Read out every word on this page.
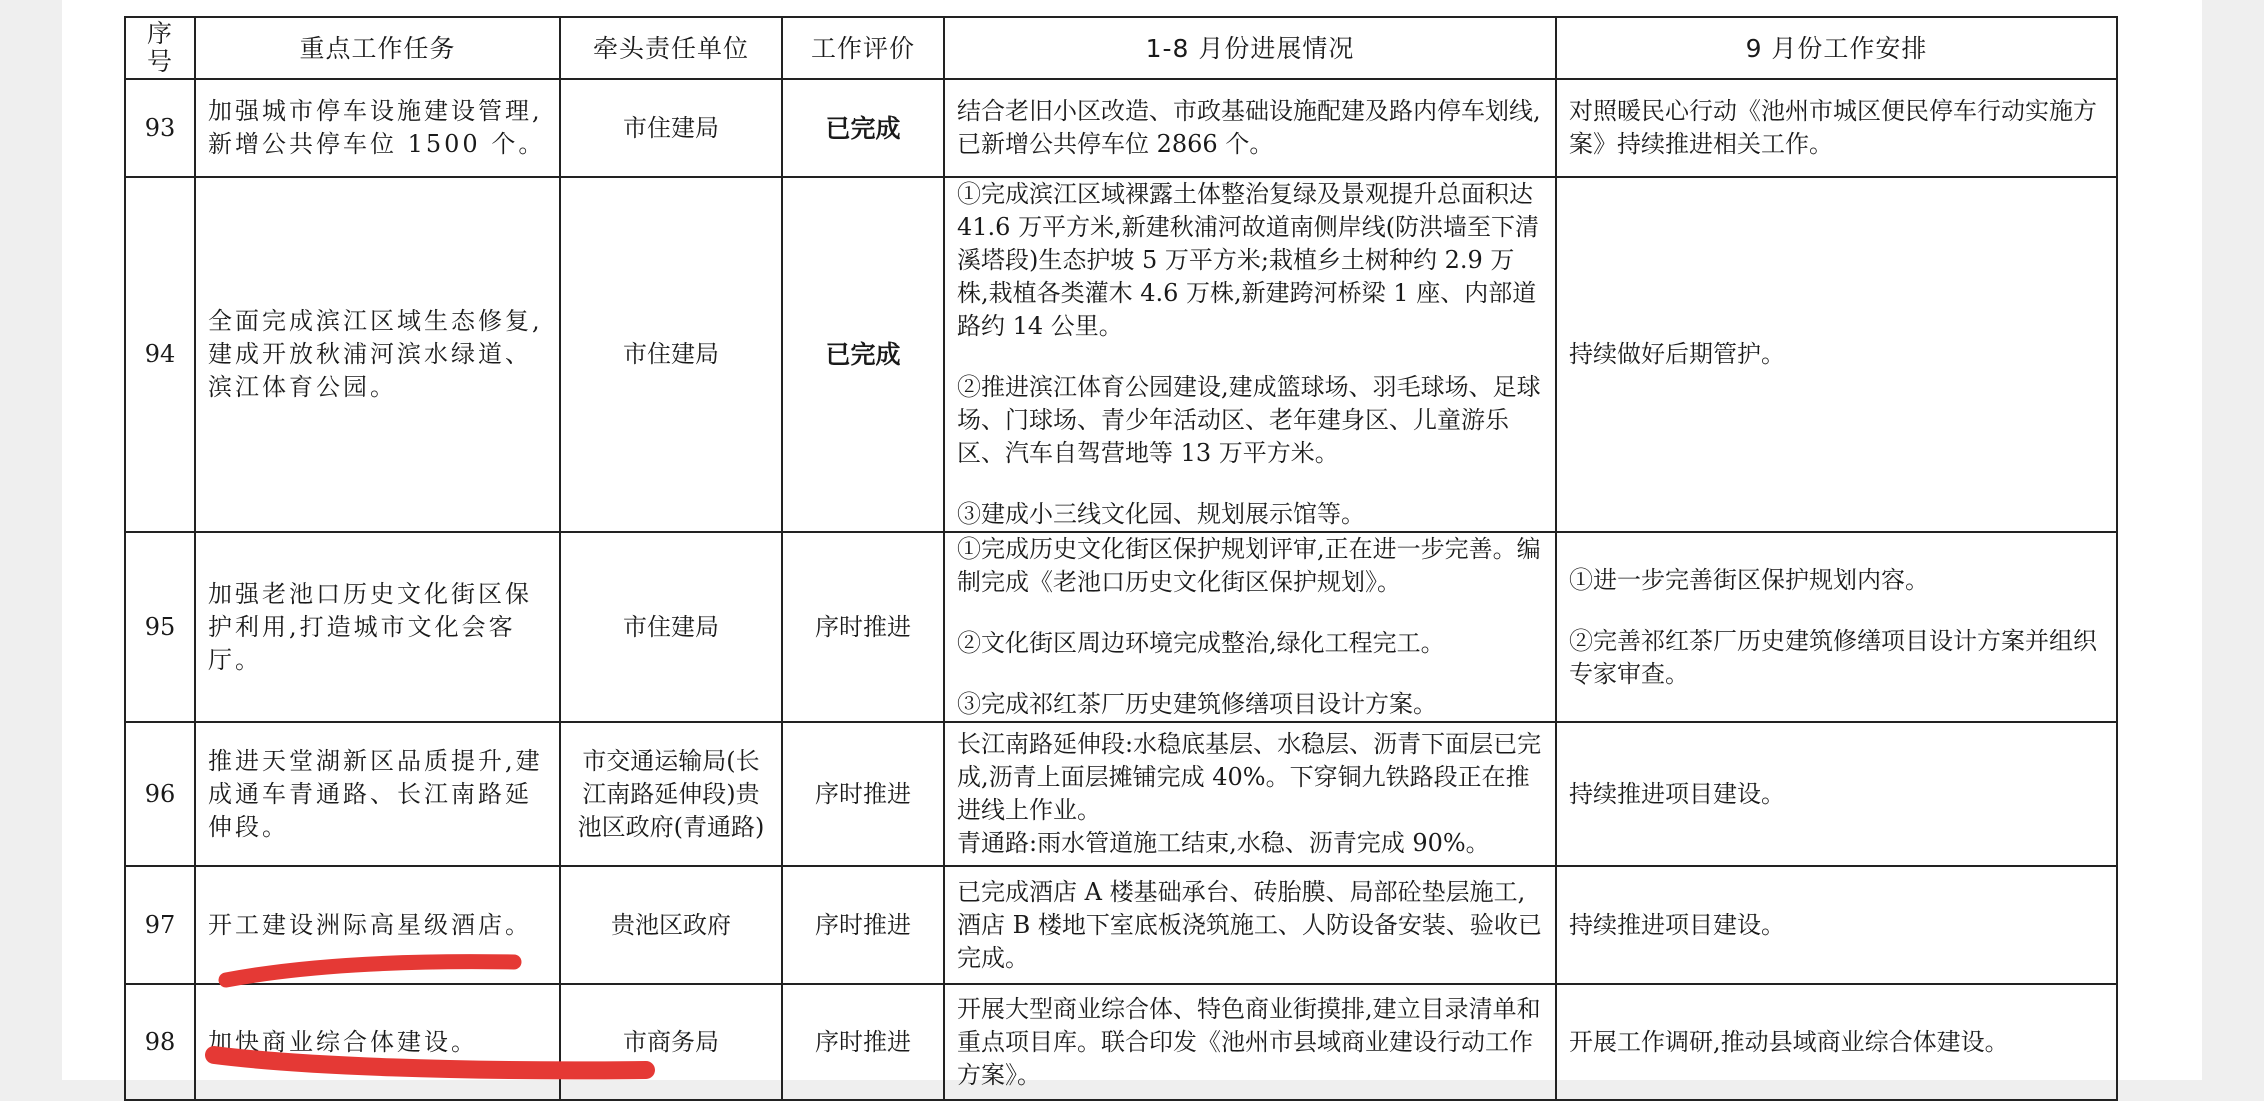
序号	重点工作任务	牵头责任单位	工作评价	1-8 月份进展情况	9 月份工作安排
93	加强城市停车设施建设管理,新增公共停车位 1500 个。	市住建局	已完成	结合老旧小区改造、市政基础设施配建及路内停车划线,已新增公共停车位 2866 个。	对照暖民心行动《池州市城区便民停车行动实施方案》持续推进相关工作。
94	全面完成滨江区域生态修复,建成开放秋浦河滨水绿道、滨江体育公园。	市住建局	已完成	①完成滨江区域裸露土体整治复绿及景观提升总面积达 41.6 万平方米,新建秋浦河故道南侧岸线(防洪墙至下清溪塔段)生态护坡 5 万平方米;栽植乡土树种约 2.9 万株,栽植各类灌木 4.6 万株,新建跨河桥梁 1 座、内部道路约 14 公里。
②推进滨江体育公园建设,建成篮球场、羽毛球场、足球场、门球场、青少年活动区、老年建身区、儿童游乐区、汽车自驾营地等 13 万平方米。
③建成小三线文化园、规划展示馆等。	持续做好后期管护。
95	加强老池口历史文化街区保护利用,打造城市文化会客厅。	市住建局	序时推进	①完成历史文化街区保护规划评审,正在进一步完善。编制完成《老池口历史文化街区保护规划》。
②文化街区周边环境完成整治,绿化工程完工。
③完成祁红茶厂历史建筑修缮项目设计方案。	①进一步完善街区保护规划内容。
②完善祁红茶厂历史建筑修缮项目设计方案并组织专家审查。

96	推进天堂湖新区品质提升,建成通车青通路、长江南路延伸段。	市交通运输局(长江南路延伸段)贵池区政府(青通路)	序时推进	长江南路延伸段:水稳底基层、水稳层、沥青下面层已完成,沥青上面层摊铺完成 40%。下穿铜九铁路段正在推进线上作业。
青通路:雨水管道施工结束,水稳、沥青完成 90%。	持续推进项目建设。
97	开工建设洲际高星级酒店。	贵池区政府	序时推进	已完成酒店 A 楼基础承台、砖胎膜、局部砼垫层施工,酒店 B 楼地下室底板浇筑施工、人防设备安装、验收已完成。	持续推进项目建设。
98	加快商业综合体建设。	市商务局	序时推进	开展大型商业综合体、特色商业街摸排,建立目录清单和重点项目库。联合印发《池州市县域商业建设行动工作方案》。	开展工作调研,推动县域商业综合体建设。
